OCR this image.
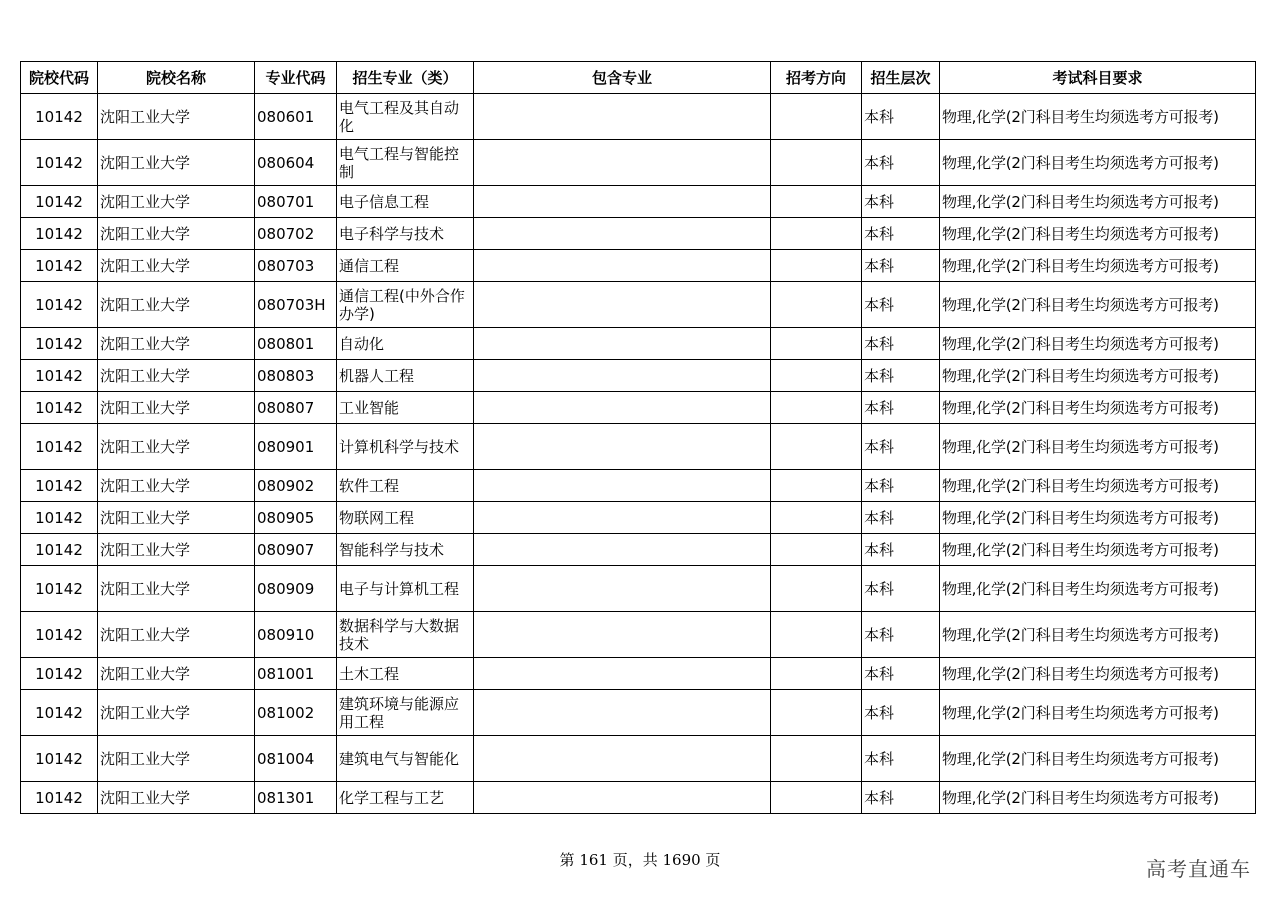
院校代码	院校名称	专业代码	招生专业（类）	包含专业	招考方向	招生层次	考试科目要求
10142	沈阳工业大学	080601	电气工程及其自动化			本科	物理,化学(2门科目考生均须选考方可报考)
10142	沈阳工业大学	080604	电气工程与智能控制			本科	物理,化学(2门科目考生均须选考方可报考)
10142	沈阳工业大学	080701	电子信息工程			本科	物理,化学(2门科目考生均须选考方可报考)
10142	沈阳工业大学	080702	电子科学与技术			本科	物理,化学(2门科目考生均须选考方可报考)
10142	沈阳工业大学	080703	通信工程			本科	物理,化学(2门科目考生均须选考方可报考)
10142	沈阳工业大学	080703H	通信工程(中外合作办学)			本科	物理,化学(2门科目考生均须选考方可报考)
10142	沈阳工业大学	080801	自动化			本科	物理,化学(2门科目考生均须选考方可报考)
10142	沈阳工业大学	080803	机器人工程			本科	物理,化学(2门科目考生均须选考方可报考)
10142	沈阳工业大学	080807	工业智能			本科	物理,化学(2门科目考生均须选考方可报考)
10142	沈阳工业大学	080901	计算机科学与技术			本科	物理,化学(2门科目考生均须选考方可报考)
10142	沈阳工业大学	080902	软件工程			本科	物理,化学(2门科目考生均须选考方可报考)
10142	沈阳工业大学	080905	物联网工程			本科	物理,化学(2门科目考生均须选考方可报考)
10142	沈阳工业大学	080907	智能科学与技术			本科	物理,化学(2门科目考生均须选考方可报考)
10142	沈阳工业大学	080909	电子与计算机工程			本科	物理,化学(2门科目考生均须选考方可报考)
10142	沈阳工业大学	080910	数据科学与大数据技术			本科	物理,化学(2门科目考生均须选考方可报考)
10142	沈阳工业大学	081001	土木工程			本科	物理,化学(2门科目考生均须选考方可报考)
10142	沈阳工业大学	081002	建筑环境与能源应用工程			本科	物理,化学(2门科目考生均须选考方可报考)
10142	沈阳工业大学	081004	建筑电气与智能化			本科	物理,化学(2门科目考生均须选考方可报考)
10142	沈阳工业大学	081301	化学工程与工艺			本科	物理,化学(2门科目考生均须选考方可报考)
第 161 页，共 1690 页	高考直通车
